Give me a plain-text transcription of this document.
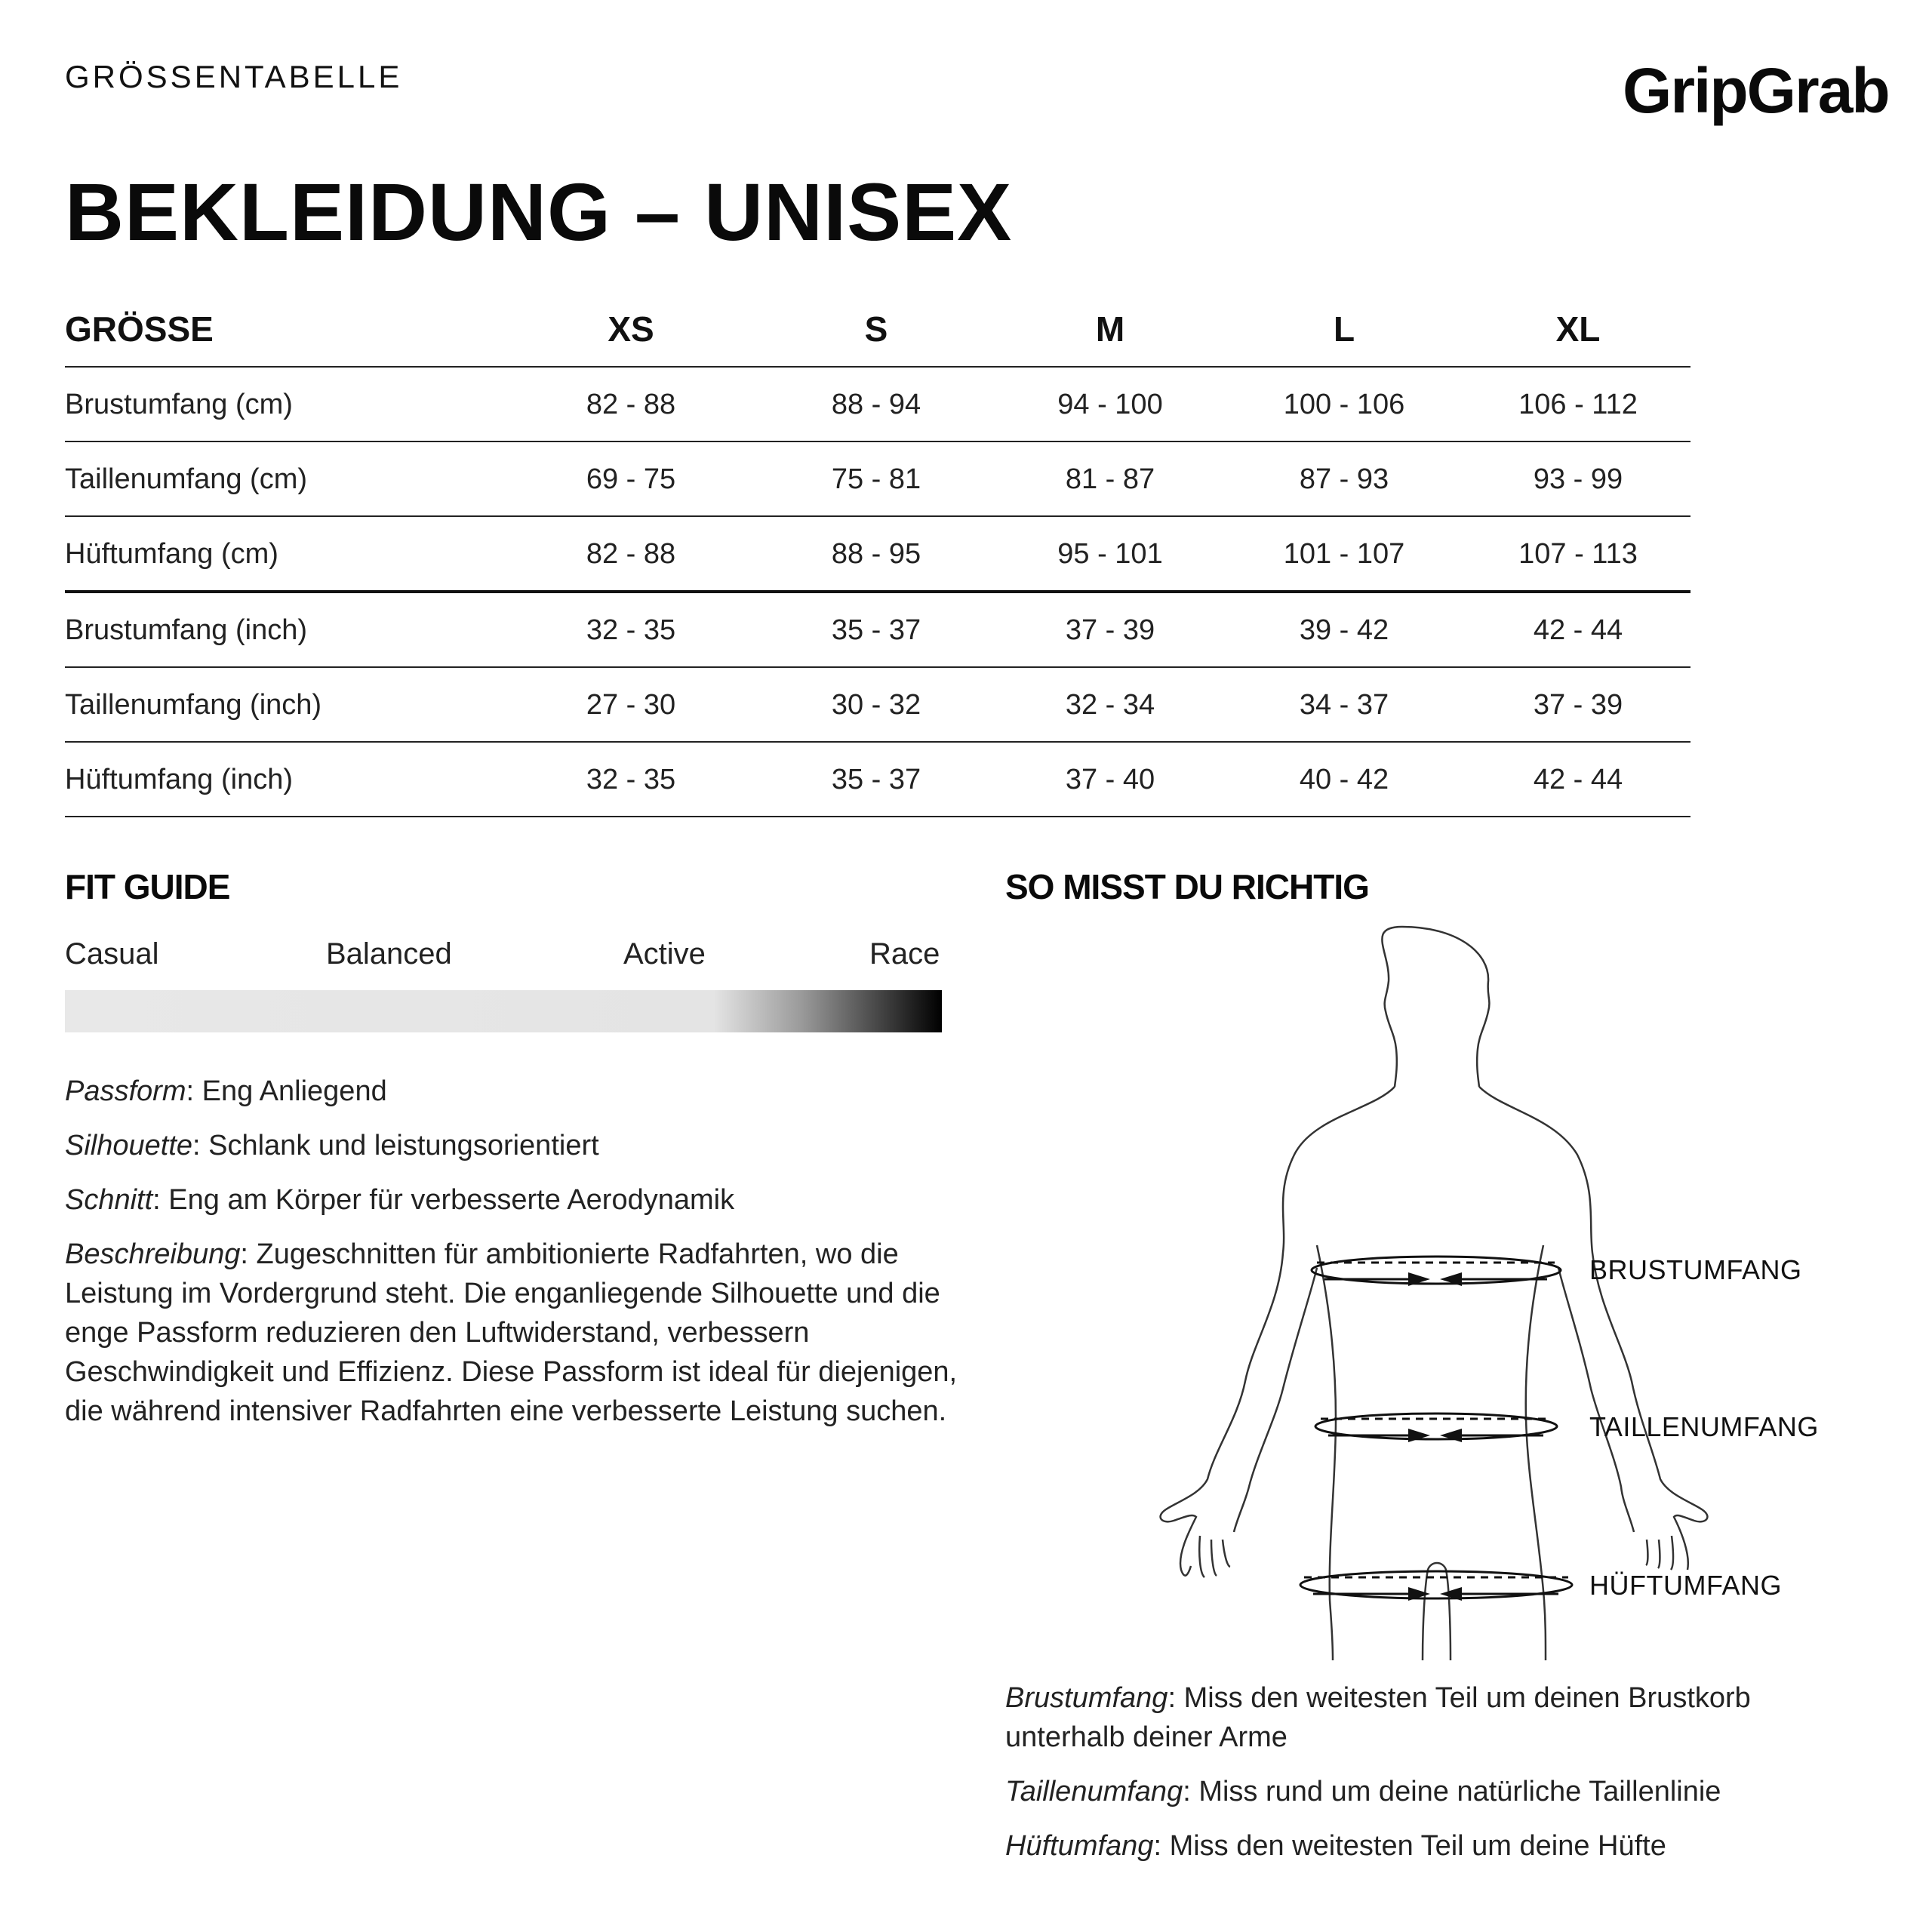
GRÖSSENTABELLE	GripGrab
BEKLEIDUNG – UNISEX
GRÖSSE	XS	S	M	L	XL
Brustumfang (cm)	82 - 88	88 - 94	94 - 100	100 - 106	106 - 112
Taillenumfang (cm)	69 - 75	75 - 81	81 - 87	87 - 93	93 - 99
Hüftumfang (cm)	82 - 88	88 - 95	95 - 101	101 - 107	107 - 113
Brustumfang (inch)	32 - 35	35 - 37	37 - 39	39 - 42	42 - 44
Taillenumfang (inch)	27 - 30	30 - 32	32 - 34	34 - 37	37 - 39
Hüftumfang (inch)	32 - 35	35 - 37	37 - 40	40 - 42	42 - 44
FIT GUIDE
Casual	Balanced	Active	Race
Passform: Eng Anliegend
Silhouette: Schlank und leistungsorientiert
Schnitt: Eng am Körper für verbesserte Aerodynamik
Beschreibung: Zugeschnitten für ambitionierte Radfahrten, wo die Leistung im Vordergrund steht. Die enganliegende Silhouette und die enge Passform reduzieren den Luftwiderstand, verbessern Geschwindigkeit und Effizienz. Diese Passform ist ideal für diejenigen, die während intensiver Radfahrten eine verbesserte Leistung suchen.
SO MISST DU RICHTIG
BRUSTUMFANG
TAILLENUMFANG
HÜFTUMFANG
Brustumfang: Miss den weitesten Teil um deinen Brustkorb unterhalb deiner Arme
Taillenumfang: Miss rund um deine natürliche Taillenlinie
Hüftumfang: Miss den weitesten Teil um deine Hüfte
